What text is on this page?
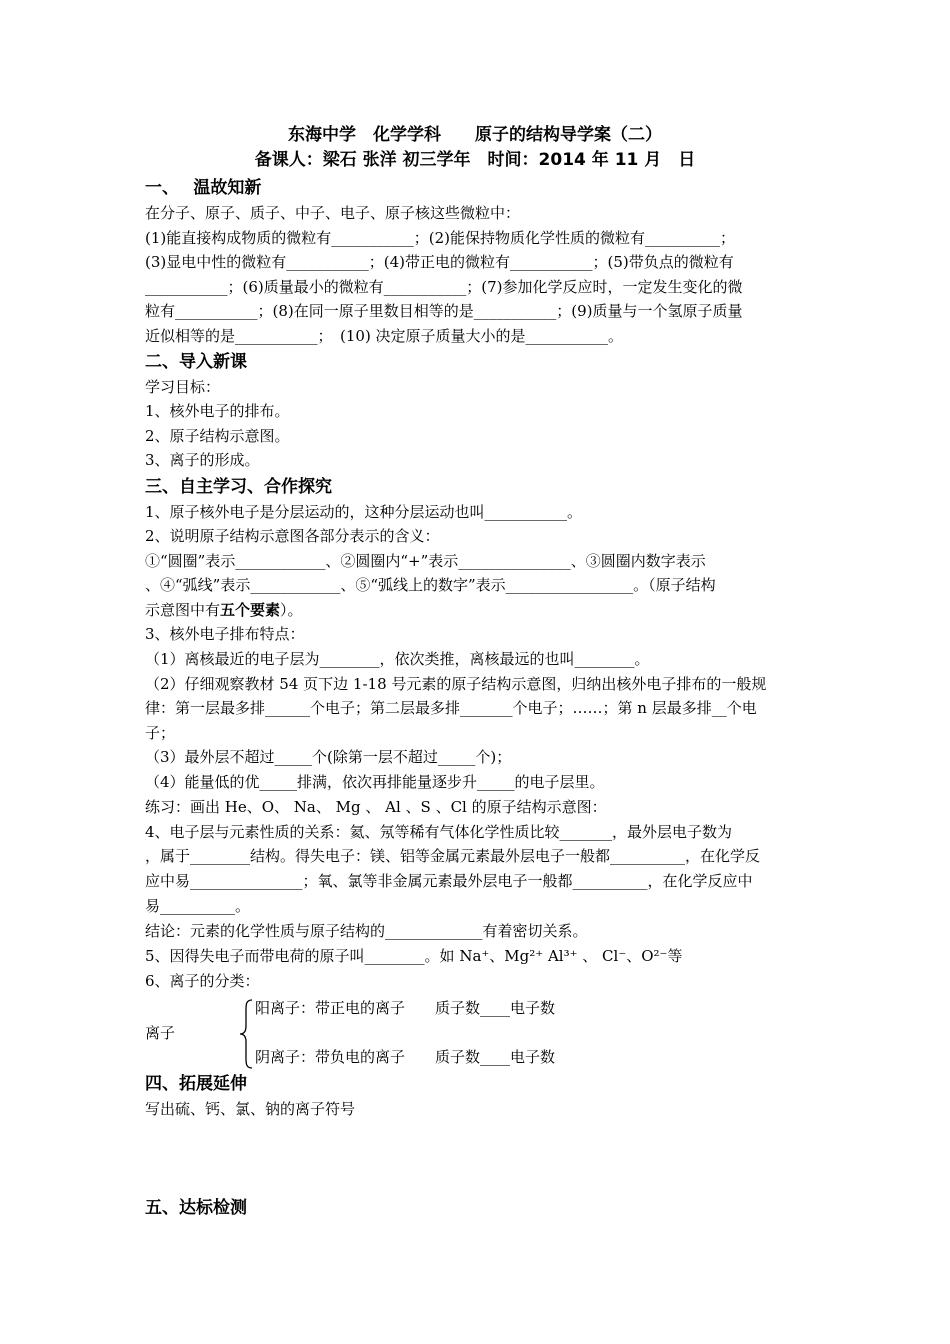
东海中学　化学学科　　原子的结构导学案（二）
备课人：梁石 张洋 初三学年　时间：2014 年 11 月　日
一、　 温故知新
在分子、原子、质子、中子、电子、原子核这些微粒中：
(1)能直接构成物质的微粒有___________；(2)能保持物质化学性质的微粒有__________；
(3)显电中性的微粒有___________；(4)带正电的微粒有___________；(5)带负点的微粒有
___________；(6)质量最小的微粒有___________；(7)参加化学反应时，一定发生变化的微
粒有___________；(8)在同一原子里数目相等的是___________；(9)质量与一个氢原子质量
近似相等的是___________；　(10) 决定原子质量大小的是___________。
二、导入新课
学习目标：
1、核外电子的排布。
2、原子结构示意图。
3、离子的形成。
三、自主学习、合作探究
1、原子核外电子是分层运动的，这种分层运动也叫___________。
2、说明原子结构示意图各部分表示的含义：
①“圆圈”表示____________、②圆圈内“+”表示_______________、③圆圈内数字表示
、④“弧线”表示____________、⑤“弧线上的数字”表示_________________。（原子结构
示意图中有五个要素）。
3、核外电子排布特点：
（1）离核最近的电子层为________，依次类推，离核最远的也叫________。
（2）仔细观察教材 54 页下边 1-18 号元素的原子结构示意图，归纳出核外电子排布的一般规
律：第一层最多排______个电子；第二层最多排_______个电子；……；第 n 层最多排__个电
子；
（3）最外层不超过_____个(除第一层不超过_____个)；
（4）能量低的优_____排满，依次再排能量逐步升_____的电子层里。
练习：画出 He、O、 Na、 Mg 、 Al 、S 、Cl 的原子结构示意图：
4、电子层与元素性质的关系：氦、氖等稀有气体化学性质比较_______，最外层电子数为
，属于________结构。得失电子：镁、铝等金属元素最外层电子一般都__________，在化学反
应中易_______________；氧、氯等非金属元素最外层电子一般都__________，在化学反应中
易__________。
结论：元素的化学性质与原子结构的_____________有着密切关系。
5、因得失电子而带电荷的原子叫________。如 Na⁺、Mg²⁺ Al³⁺ 、 Cl⁻、O²⁻等
6、离子的分类：
离子
阳离子：带正电的离子　　质子数____电子数
阴离子：带负电的离子　　质子数____电子数
四、拓展延伸
写出硫、钙、氯、钠的离子符号
五、达标检测
